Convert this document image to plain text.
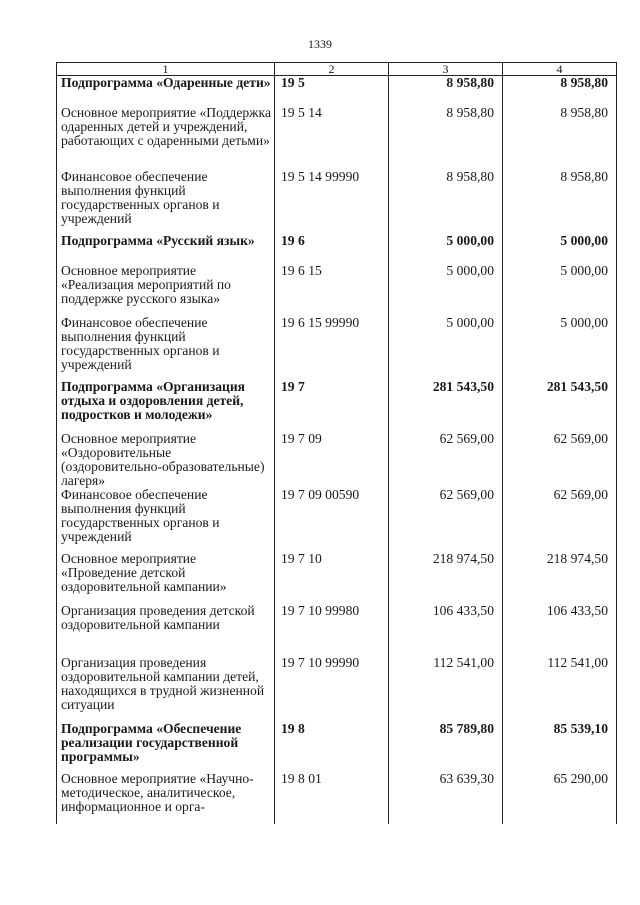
1339
1	2	3	4
Подпрограмма «Одаренные дети»	19 5	8 958,80	8 958,80
Основное мероприятие «Поддержка одаренных детей и учреждений, работающих с одаренными детьми»	19 5 14	8 958,80	8 958,80
Финансовое обеспечение выполнения функций государственных органов и учреждений	19 5 14 99990	8 958,80	8 958,80
Подпрограмма «Русский язык»	19 6	5 000,00	5 000,00
Основное мероприятие «Реализация мероприятий по поддержке русского языка»	19 6 15	5 000,00	5 000,00
Финансовое обеспечение выполнения функций государственных органов и учреждений	19 6 15 99990	5 000,00	5 000,00
Подпрограмма «Организация отдыха и оздоровления детей, подростков и молодежи»	19 7	281 543,50	281 543,50
Основное мероприятие «Оздоровительные (оздоровительно-образовательные) лагеря»	19 7 09	62 569,00	62 569,00
Финансовое обеспечение выполнения функций государственных органов и учреждений	19 7 09 00590	62 569,00	62 569,00
Основное мероприятие «Проведение детской оздоровительной кампании»	19 7 10	218 974,50	218 974,50
Организация проведения детской оздоровительной кампании	19 7 10 99980	106 433,50	106 433,50
Организация проведения оздоровительной кампании детей, находящихся в трудной жизненной ситуации	19 7 10 99990	112 541,00	112 541,00
Подпрограмма «Обеспечение реализации государственной программы»	19 8	85 789,80	85 539,10
Основное мероприятие «Научно-методическое, аналитическое, информационное и орга-	19 8 01	63 639,30	65 290,00
